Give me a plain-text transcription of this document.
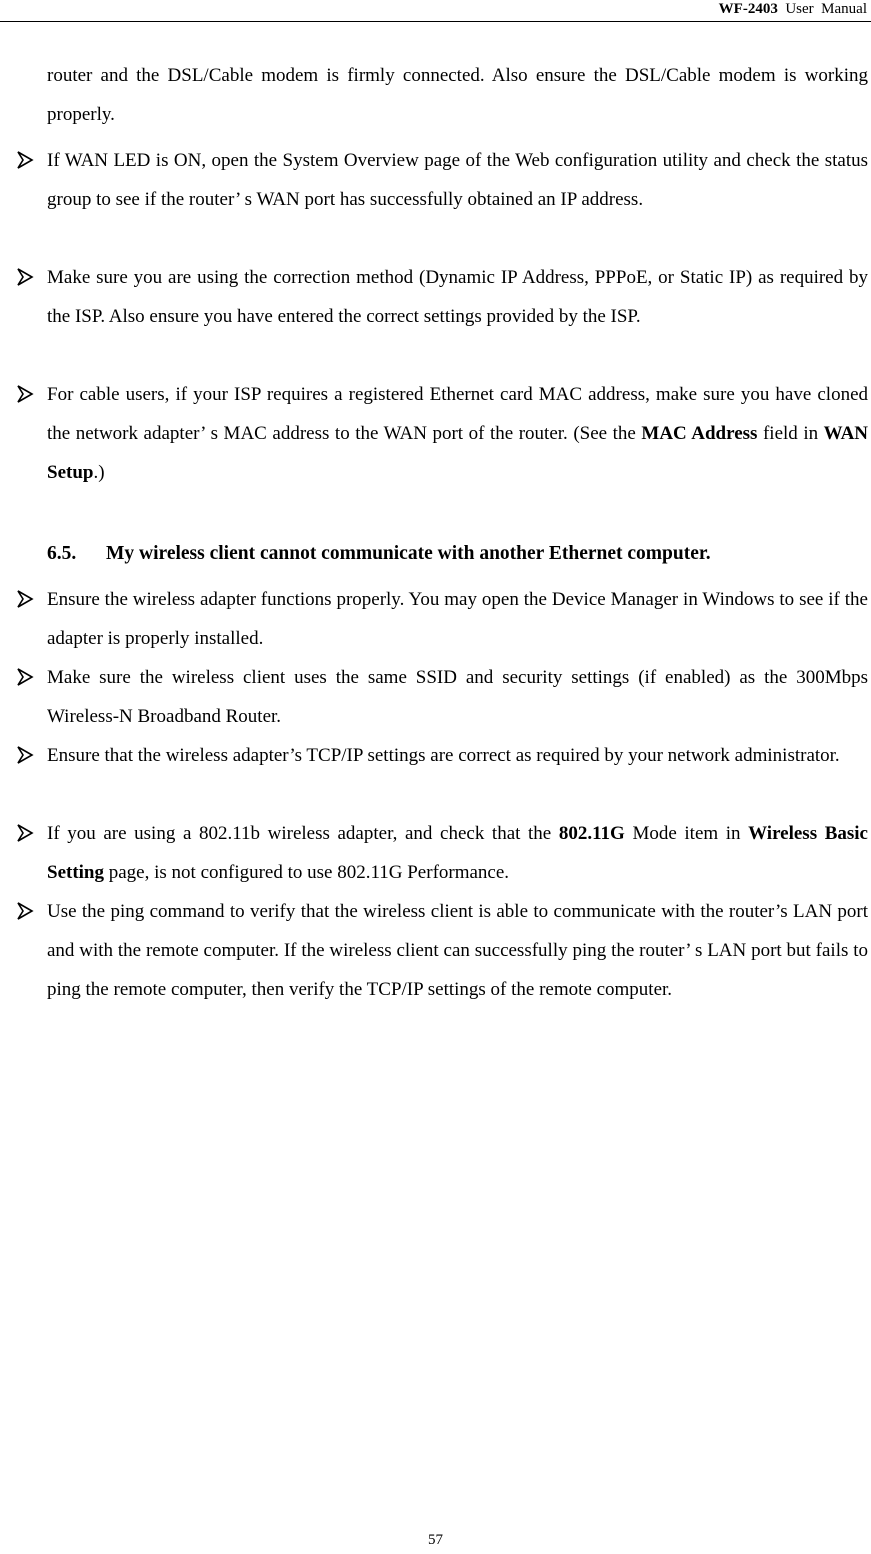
WF-2403  User  Manual
router and the DSL/Cable modem is firmly connected. Also ensure the DSL/Cable modem is working properly.
If WAN LED is ON, open the System Overview page of the Web configuration utility and check the status group to see if the router’ s WAN port has successfully obtained an IP address.
Make sure you are using the correction method (Dynamic IP Address, PPPoE, or Static IP) as required by the ISP. Also ensure you have entered the correct settings provided by the ISP.
For cable users, if your ISP requires a registered Ethernet card MAC address, make sure you have cloned the network adapter’ s MAC address to the WAN port of the router. (See the MAC Address field in WAN Setup.)
6.5. My wireless client cannot communicate with another Ethernet computer.
Ensure the wireless adapter functions properly. You may open the Device Manager in Windows to see if the adapter is properly installed.
Make sure the wireless client uses the same SSID and security settings (if enabled) as the 300Mbps Wireless-N Broadband Router.
Ensure that the wireless adapter’s TCP/IP settings are correct as required by your network administrator.
If you are using a 802.11b wireless adapter, and check that the 802.11G Mode item in Wireless Basic Setting page, is not configured to use 802.11G Performance.
Use the ping command to verify that the wireless client is able to communicate with the router’s LAN port and with the remote computer. If the wireless client can successfully ping the router’ s LAN port but fails to ping the remote computer, then verify the TCP/IP settings of the remote computer.
57
